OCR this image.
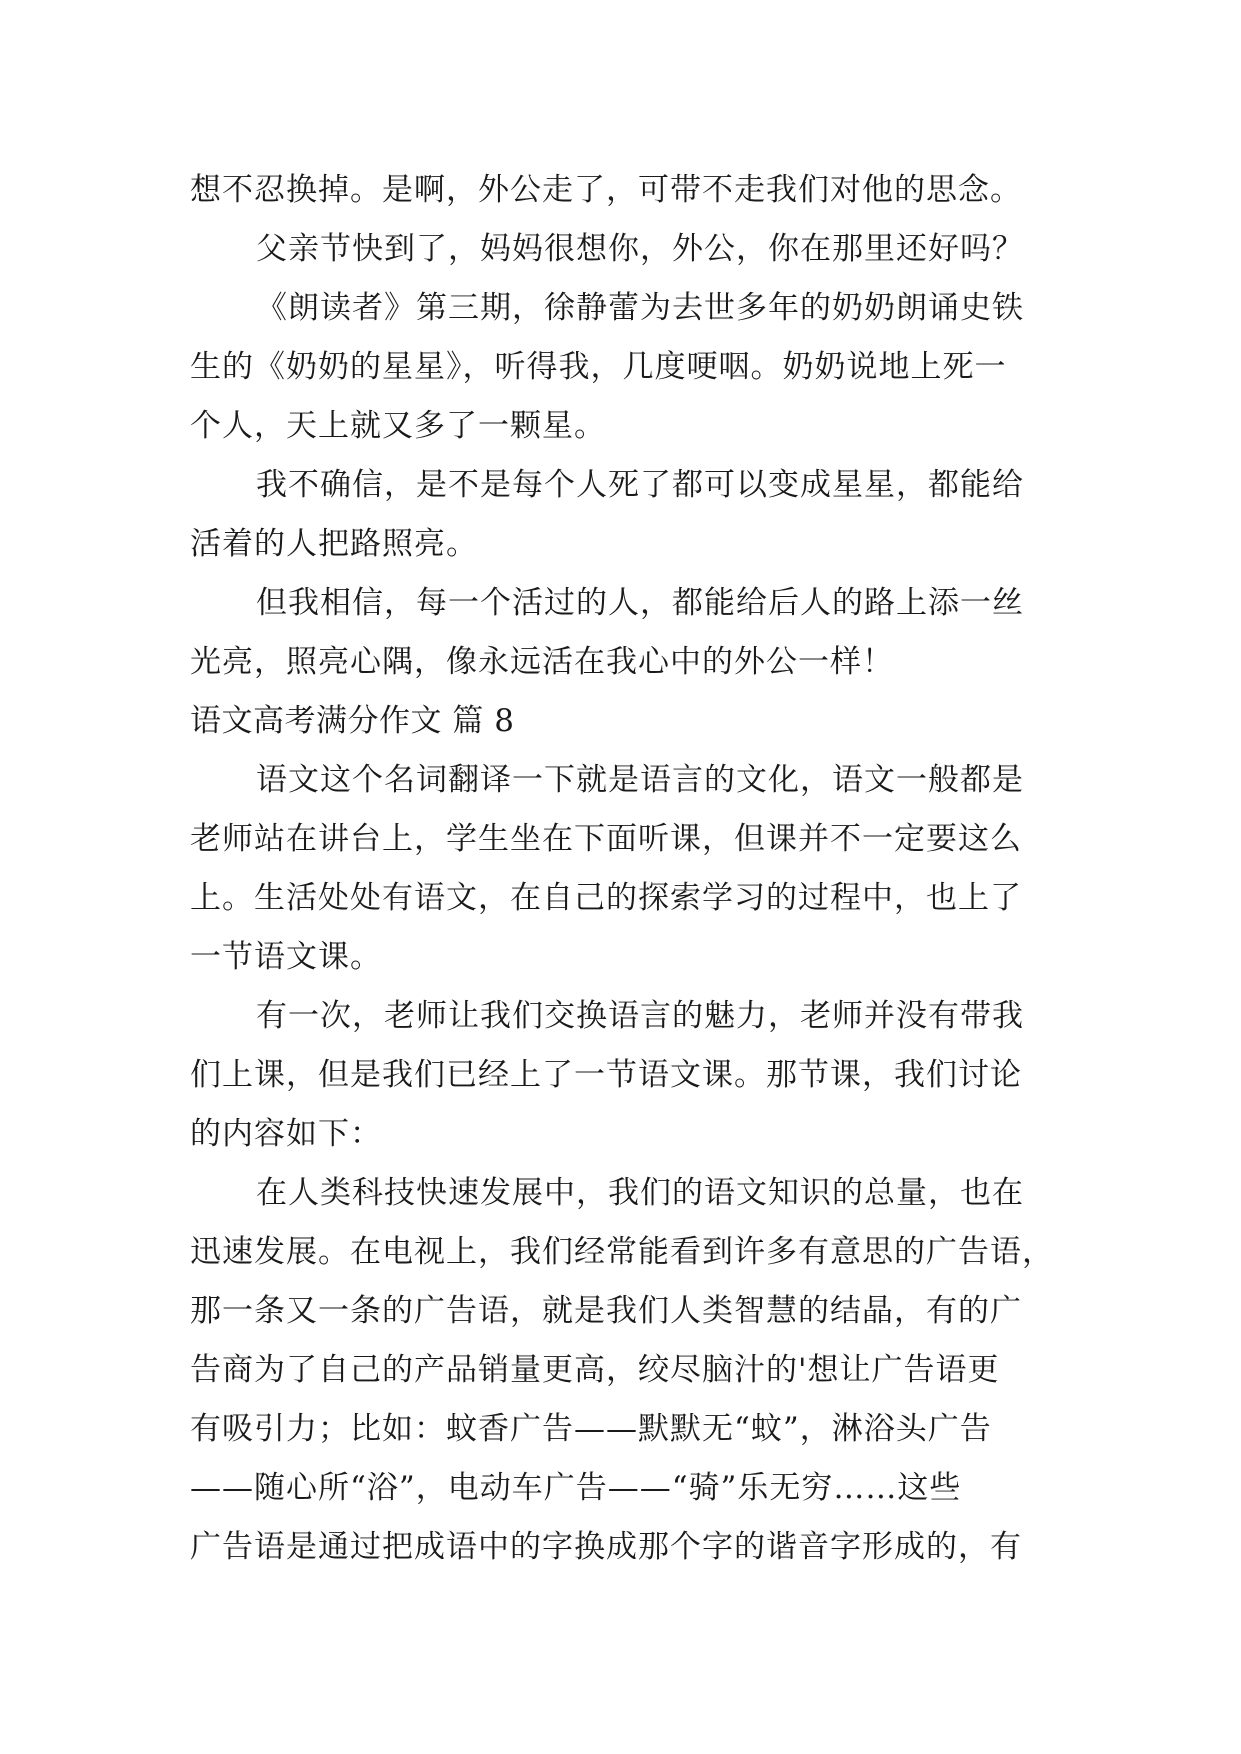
想不忍换掉。是啊，外公走了，可带不走我们对他的思念。
父亲节快到了，妈妈很想你，外公，你在那里还好吗？
《朗读者》第三期，徐静蕾为去世多年的奶奶朗诵史铁
生的《奶奶的星星》，听得我，几度哽咽。奶奶说地上死一
个人，天上就又多了一颗星。
我不确信，是不是每个人死了都可以变成星星，都能给
活着的人把路照亮。
但我相信，每一个活过的人，都能给后人的路上添一丝
光亮，照亮心隅，像永远活在我心中的外公一样！
语文高考满分作文 篇 8
语文这个名词翻译一下就是语言的文化，语文一般都是
老师站在讲台上，学生坐在下面听课，但课并不一定要这么
上。生活处处有语文，在自己的探索学习的过程中，也上了
一节语文课。
有一次，老师让我们交换语言的魅力，老师并没有带我
们上课，但是我们已经上了一节语文课。那节课，我们讨论
的内容如下：
在人类科技快速发展中，我们的语文知识的总量，也在
迅速发展。在电视上，我们经常能看到许多有意思的广告语，
那一条又一条的广告语，就是我们人类智慧的结晶，有的广
告商为了自己的产品销量更高，绞尽脑汁的'想让广告语更
有吸引力；比如：蚊香广告——默默无“蚊”，淋浴头广告
——随心所“浴”，电动车广告——“骑”乐无穷……这些
广告语是通过把成语中的字换成那个字的谐音字形成的，有
